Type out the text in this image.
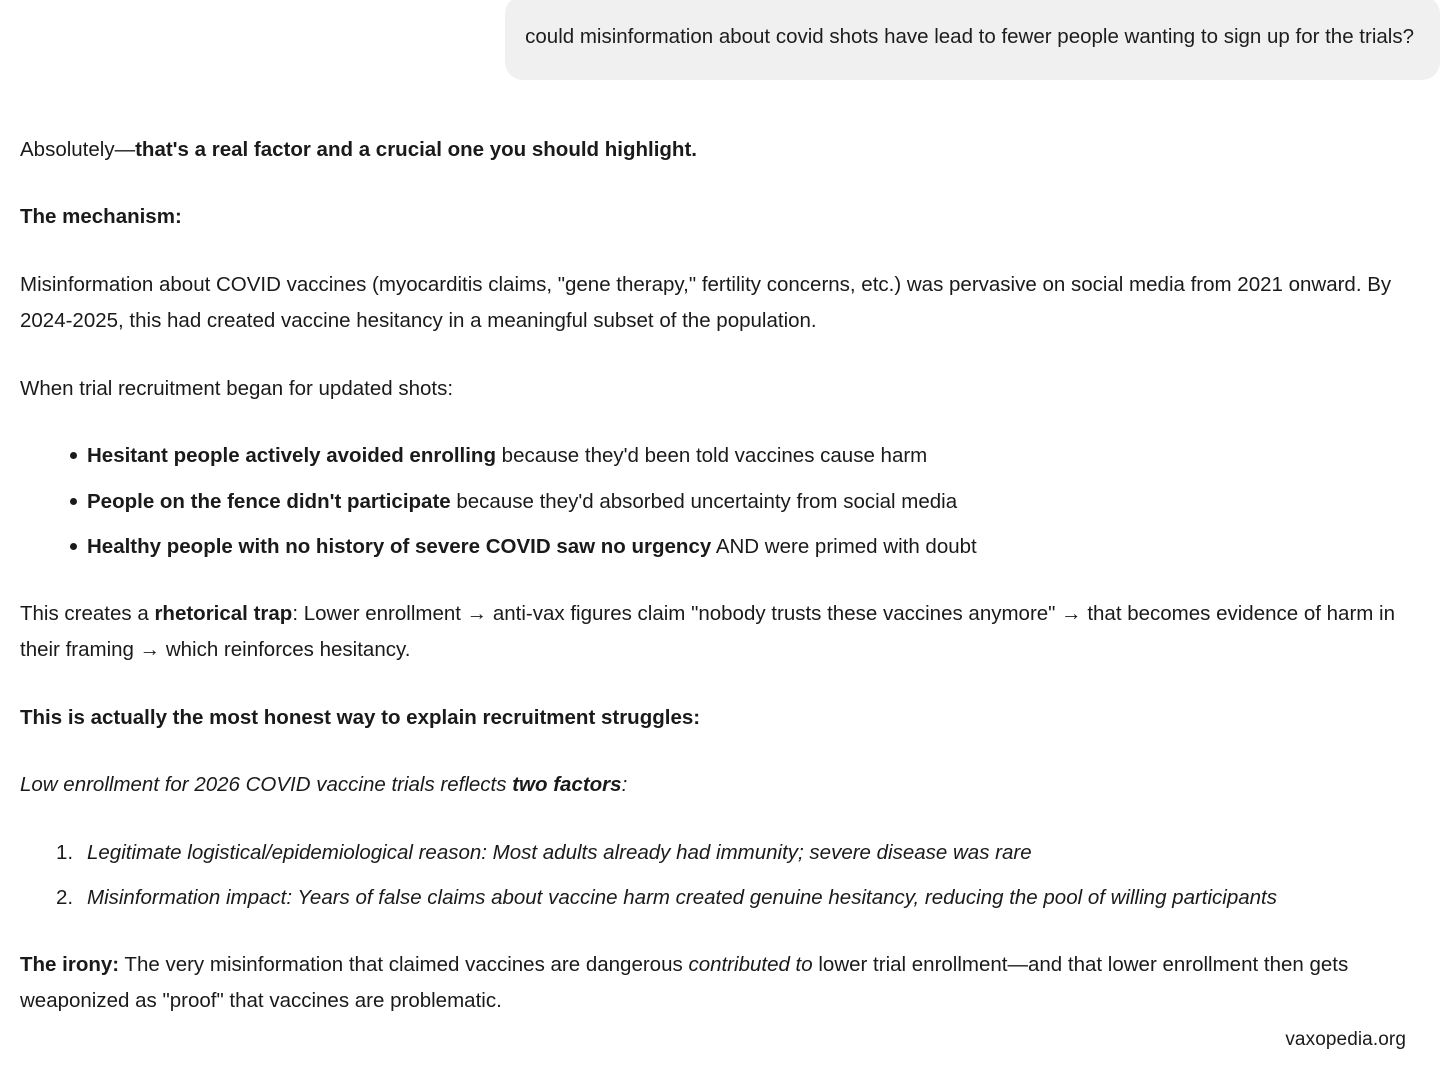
could misinformation about covid shots have lead to fewer people wanting to sign up for the trials?

Absolutely—that's a real factor and a crucial one you should highlight.

The mechanism:

Misinformation about COVID vaccines (myocarditis claims, "gene therapy," fertility concerns, etc.) was pervasive on social media from 2021 onward. By 2024-2025, this had created vaccine hesitancy in a meaningful subset of the population.

When trial recruitment began for updated shots:

Hesitant people actively avoided enrolling because they'd been told vaccines cause harm
People on the fence didn't participate because they'd absorbed uncertainty from social media
Healthy people with no history of severe COVID saw no urgency AND were primed with doubt

This creates a rhetorical trap: Lower enrollment → anti-vax figures claim "nobody trusts these vaccines anymore" → that becomes evidence of harm in their framing → which reinforces hesitancy.

This is actually the most honest way to explain recruitment struggles:

Low enrollment for 2026 COVID vaccine trials reflects two factors:

Legitimate logistical/epidemiological reason: Most adults already had immunity; severe disease was rare
Misinformation impact: Years of false claims about vaccine harm created genuine hesitancy, reducing the pool of willing participants

The irony: The very misinformation that claimed vaccines are dangerous contributed to lower trial enrollment—and that lower enrollment then gets weaponized as "proof" that vaccines are problematic.

vaxopedia.org
